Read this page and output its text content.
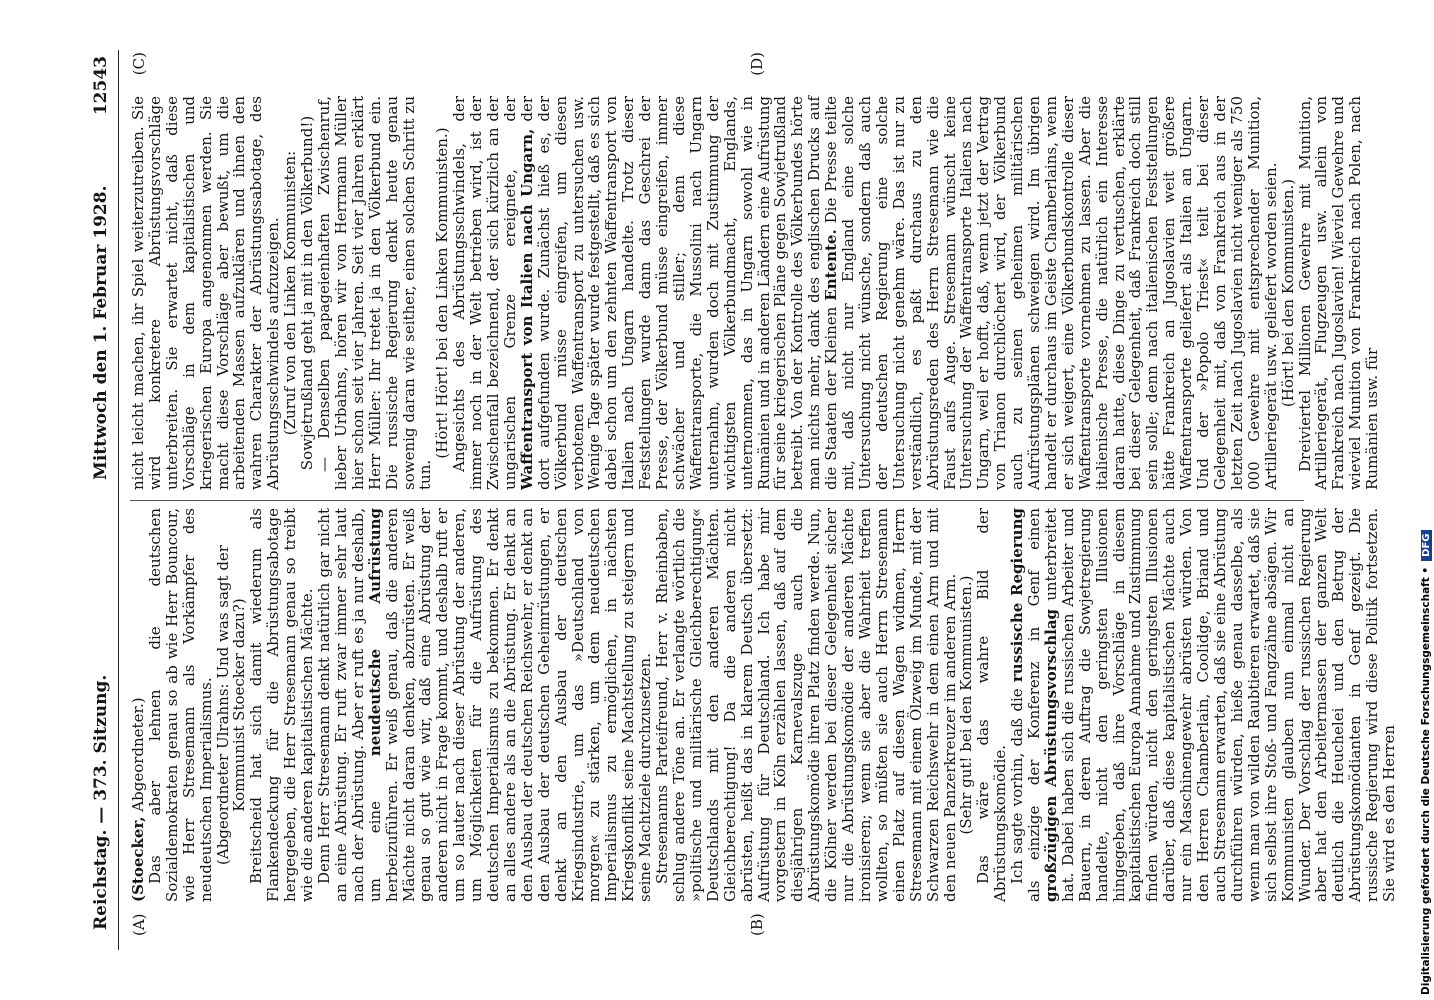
Reichstag. — 373. Sitzung.
Mittwoch den 1. Februar 1928.
12543
(A)	(B)
(C)	(D)

(Stoecker, Abgeordneter.)

Das aber lehnen die deutschen Sozialdemokraten genau so ab wie Herr Bouncour, wie Herr Stresemann als Vorkämpfer des neudeutschen Imperialismus.

(Abgeordneter Ulrahns: Und was sagt der Kommunist Stoecker dazu?)

Breitscheid hat sich damit wiederum als Flankendeckung für die Abrüstungsabotage hergegeben, die Herr Stresemann genau so treibt wie die anderen kapitalistischen Mächte.

Denn Herr Stresemann denkt natürlich gar nicht an eine Abrüstung. Er ruft zwar immer sehr laut nach der Abrüstung. Aber er ruft es ja nur deshalb, um eine neudeutsche Aufrüstung herbeizuführen. Er weiß genau, daß die anderen Mächte nicht daran denken, abzurüsten. Er weiß genau so gut wie wir, daß eine Abrüstung der anderen nicht in Frage kommt, und deshalb ruft er um so lauter nach dieser Abrüstung der anderen, um Möglichkeiten für die Aufrüstung des deutschen Imperialismus zu bekommen. Er denkt an alles andere als an die Abrüstung. Er denkt an den Ausbau der deutschen Reichswehr, er denkt an den Ausbau der deutschen Geheimrüstungen, er denkt an den Ausbau der deutschen Kriegsindustrie, um das »Deutschland von morgen« zu stärken, um dem neudeutschen Imperialismus zu ermöglichen, in nächsten Kriegskonflikt seine Machtstellung zu steigern und seine Machtziele durchzusetzen.

Stresemanns Parteifreund, Herr v. Rheinbaben, schlug andere Töne an. Er verlangte wörtlich die »politische und militärische Gleichberechtigung« Deutschlands mit den anderen Mächten. Gleichberechtigung! Da die anderen nicht abrüsten, heißt das in klarem Deutsch übersetzt: Aufrüstung für Deutschland. Ich habe mir vorgestern in Köln erzählen lassen, daß auf dem diesjährigen Karnevalszuge auch die Abrüstungskomödie ihren Platz finden werde. Nun, die Kölner werden bei dieser Gelegenheit sicher nur die Abrüstungskomödie der anderen Mächte ironisieren; wenn sie aber die Wahrheit treffen wollten, so müßten sie auch Herrn Stresemann einen Platz auf diesen Wagen widmen, Herrn Stresemann mit einem Ölzweig im Munde, mit der Schwarzen Reichswehr in dem einen Arm und mit den neuen Panzerkreuzer im anderen Arm.

(Sehr gut! bei den Kommunisten.)

Das wäre das wahre Bild der Abrüstungskomödie.

Ich sagte vorhin, daß die russische Regierung als einzige der Konferenz in Genf einen großzügigen Abrüstungsvorschlag unterbreitet hat. Dabei haben sich die russischen Arbeiter und Bauern, in deren Auftrag die Sowjetregierung handelte, nicht den geringsten Illusionen hingegeben, daß ihre Vorschläge in diesem kapitalistischen Europa Annahme und Zustimmung finden würden, nicht den geringsten Illusionen darüber, daß diese kapitalistischen Mächte auch nur ein Maschinengewehr abrüsten würden. Von den Herren Chamberlain, Coolidge, Briand und auch Stresemann erwarten, daß sie eine Abrüstung durchführen würden, hieße genau dasselbe, als wenn man von wilden Raubtieren erwartet, daß sie sich selbst ihre Stoß- und Fangzähne absägen. Wir Kommunisten glauben nun einmal nicht an Wunder. Der Vorschlag der russischen Regierung aber hat den Arbeitermassen der ganzen Welt deutlich die Heuchelei und den Betrug der Abrüstungskomödianten in Genf gezeigt. Die russische Regierung wird diese Politik fortsetzen. Sie wird es den Herren

nicht leicht machen, ihr Spiel weiterzutreiben. Sie wird konkretere Abrüstungsvorschläge unterbreiten. Sie erwartet nicht, daß diese Vorschläge in dem kapitalistischen und kriegerischen Europa angenommen werden. Sie macht diese Vorschläge aber bewußt, um die arbeitenden Massen aufzuklären und ihnen den wahren Charakter der Abrüstungssabotage, des Abrüstungsschwindels aufzuzeigen.

(Zuruf von den Linken Kommunisten: Sowjetrußland geht ja mit in den Völkerbund!)

— Denselben papageienhaften Zwischenruf, lieber Urbahns, hören wir von Herrmann Müller hier schon seit vier Jahren. Seit vier Jahren erklärt Herr Müller: Ihr tretet ja in den Völkerbund ein. Die russische Regierung denkt heute genau sowenig daran wie seither, einen solchen Schritt zu tun.

(Hört! Hört! bei den Linken Kommunisten.)

Angesichts des Abrüstungsschwindels, der immer noch in der Welt betrieben wird, ist der Zwischenfall bezeichnend, der sich kürzlich an der ungarischen Grenze ereignete, der Waffentransport von Italien nach Ungarn, der dort aufgefunden wurde. Zunächst hieß es, der Völkerbund müsse eingreifen, um diesen verbotenen Waffentransport zu untersuchen usw. Wenige Tage später wurde festgestellt, daß es sich dabei schon um den zehnten Waffentransport von Italien nach Ungarn handelte. Trotz dieser Feststellungen wurde dann das Geschrei der Presse, der Völkerbund müsse eingreifen, immer schwächer und stiller; denn diese Waffentransporte, die Mussolini nach Ungarn unternahm, wurden doch mit Zustimmung der wichtigsten Völkerbundmacht, Englands, unternommen, das in Ungarn sowohl wie in Rumänien und in anderen Ländern eine Aufrüstung für seine kriegerischen Pläne gegen Sowjetrußland betreibt. Von der Kontrolle des Völkerbundes hörte man nichts mehr, dank des englischen Drucks auf die Staaten der Kleinen Entente. Die Presse teilte mit, daß nicht nur England eine solche Untersuchung nicht wünsche, sondern daß auch der deutschen Regierung eine solche Untersuchung nicht genehm wäre. Das ist nur zu verständlich, es paßt durchaus zu den Abrüstungsreden des Herrn Stresemann wie die Faust aufs Auge. Stresemann wünscht keine Untersuchung der Waffentransporte Italiens nach Ungarn, weil er hofft, daß, wenn jetzt der Vertrag von Trianon durchlöchert wird, der Völkerbund auch zu seinen geheimen militärischen Aufrüstungsplänen schweigen wird. Im übrigen handelt er durchaus im Geiste Chamberlains, wenn er sich weigert, eine Völkerbundskontrolle dieser Waffentransporte vornehmen zu lassen. Aber die italienische Presse, die natürlich ein Interesse daran hatte, diese Dinge zu vertuschen, erklärte bei dieser Gelegenheit, daß Frankreich doch still sein solle; denn nach italienischen Feststellungen hätte Frankreich an Jugoslavien weit größere Waffentransporte geliefert als Italien an Ungarn. Und der »Popolo Triest« teilt bei dieser Gelegenheit mit, daß von Frankreich aus in der letzten Zeit nach Jugoslavien nicht weniger als 750 000 Gewehre mit entsprechender Munition, Artilleriegerät usw. geliefert worden seien.

(Hört! bei den Kommunisten.)

Dreiviertel Millionen Gewehre mit Munition, Artilleriegerät, Flugzeugen usw. allein von Frankreich nach Jugoslavien! Wieviel Gewehre und wieviel Munition von Frankreich nach Polen, nach Rumänien usw. für

Digitalisierung gefördert durch die Deutsche Forschungsgemeinschaft •DFG
